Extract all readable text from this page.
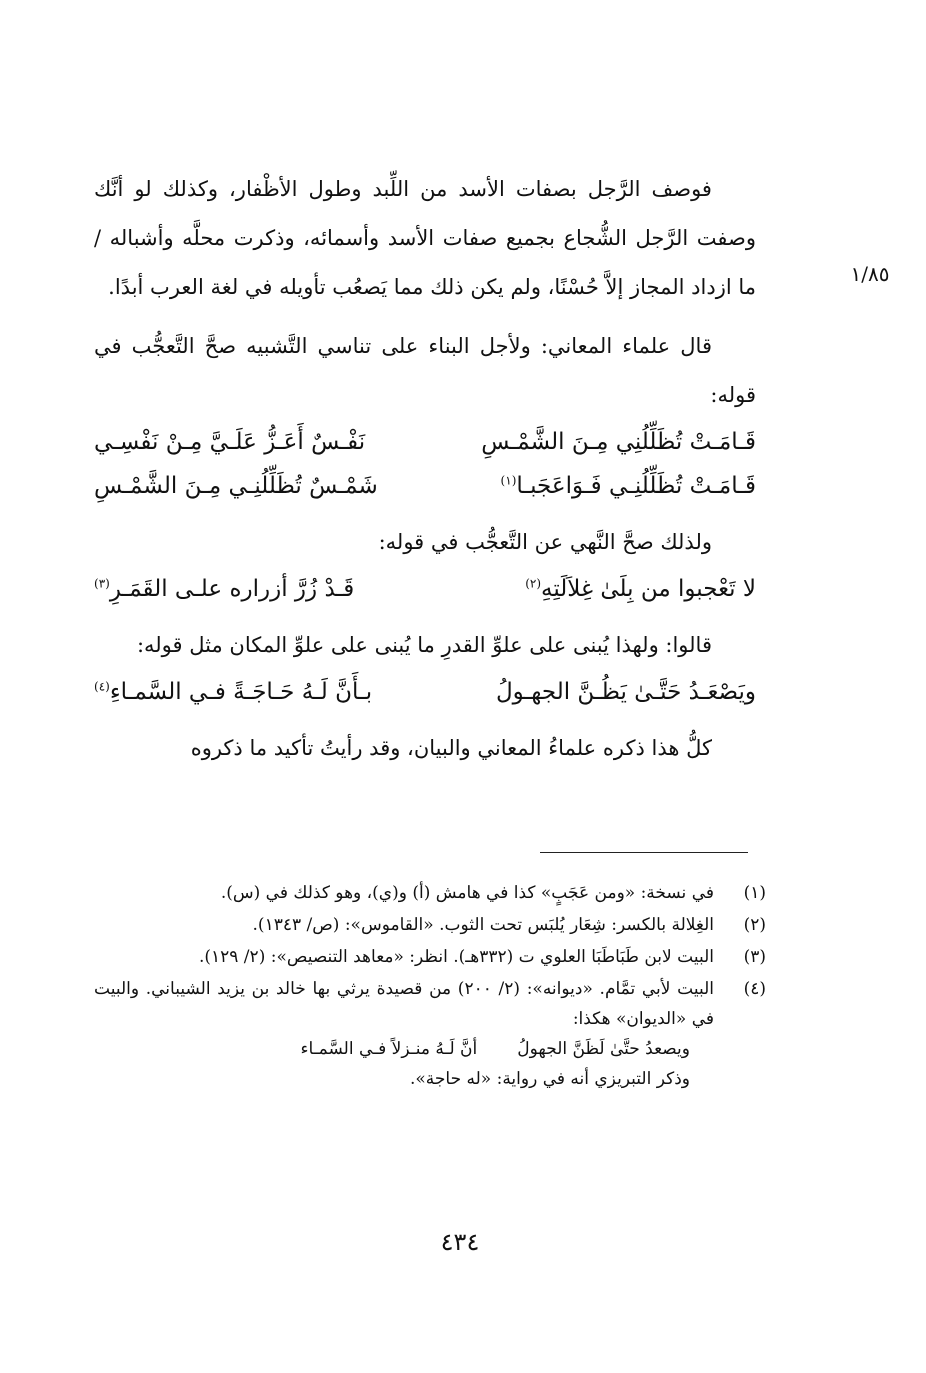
١/٨٥

فوصف الرَّجل بصفات الأسد من اللِّبد وطول الأظْفار، وكذلك لو أنَّك وصفت الرَّجل الشُّجاع بجميع صفات الأسد وأسمائه، وذكرت محلَّه وأشباله / ما ازداد المجاز إلاَّ حُسْنًا، ولم يكن ذلك مما يَصعُب تأويله في لغة العرب أبدًا.

قال علماء المعاني: ولأجل البناء على تناسي التَّشبيه صحَّ التَّعجُّب في قوله:

قَـامَـتْ تُظَلِّلُنِي مِـنَ الشَّمْـسِ
نَفْـسٌ أَعَـزُّ عَلَـيَّ مِـنْ نَفْسِـي
قَـامَـتْ تُظَلِّلُنِـي فَـوَاعَجَبـا$^{(١)}$
شَمْـسٌ تُظَلِّلُنِـي مِـنَ الشَّمْـسِ

ولذلك صحَّ النَّهي عن التَّعجُّب في قوله:

لا تَعْجبوا من بِلَىٰ غِلاَلَتِهِ$^{(٢)}$
قَـدْ زُرَّ أزراره علـى القَمَـرِ$^{(٣)}$

قالوا: ولهذا يُبنى على علوِّ القدرِ ما يُبنى على علوِّ المكان مثل قوله:

ويَصْعَـدُ حَتَّـىٰ يَظُـنَّ الجهـولُ
بـأَنَّ لَـهُ حَـاجَـةً فـي السَّمـاءِ$^{(٤)}$

كلُّ هذا ذكره علماءُ المعاني والبيان، وقد رأيتُ تأكيد ما ذكروه

(١)
في نسخة: «ومن عَجَبٍ» كذا في هامش (أ) و(ي)، وهو كذلك في (س).
(٢)
الغِلالة بالكسر: شِعَار يُلبَس تحت الثوب. «القاموس»: (ص/ ١٣٤٣).
(٣)
البيت لابن طَبَاطَبَا العلوي ت (٣٣٢هـ). انظر: «معاهد التنصيص»: (٢/ ١٢٩).
(٤)
البيت لأبي تمَّام. «ديوانه»: (٢/ ٢٠٠) من قصيدة يرثي بها خالد بن يزيد الشيباني. والبيت في «الديوان» هكذا:
ويصعدُ حتَّىٰ لَظَنَّ الجهولُ
أنَّ لَـهُ منـزلاً فـي السَّمـاء
وذكر التبريزي أنه في رواية: «له حاجة».
٤٣٤
